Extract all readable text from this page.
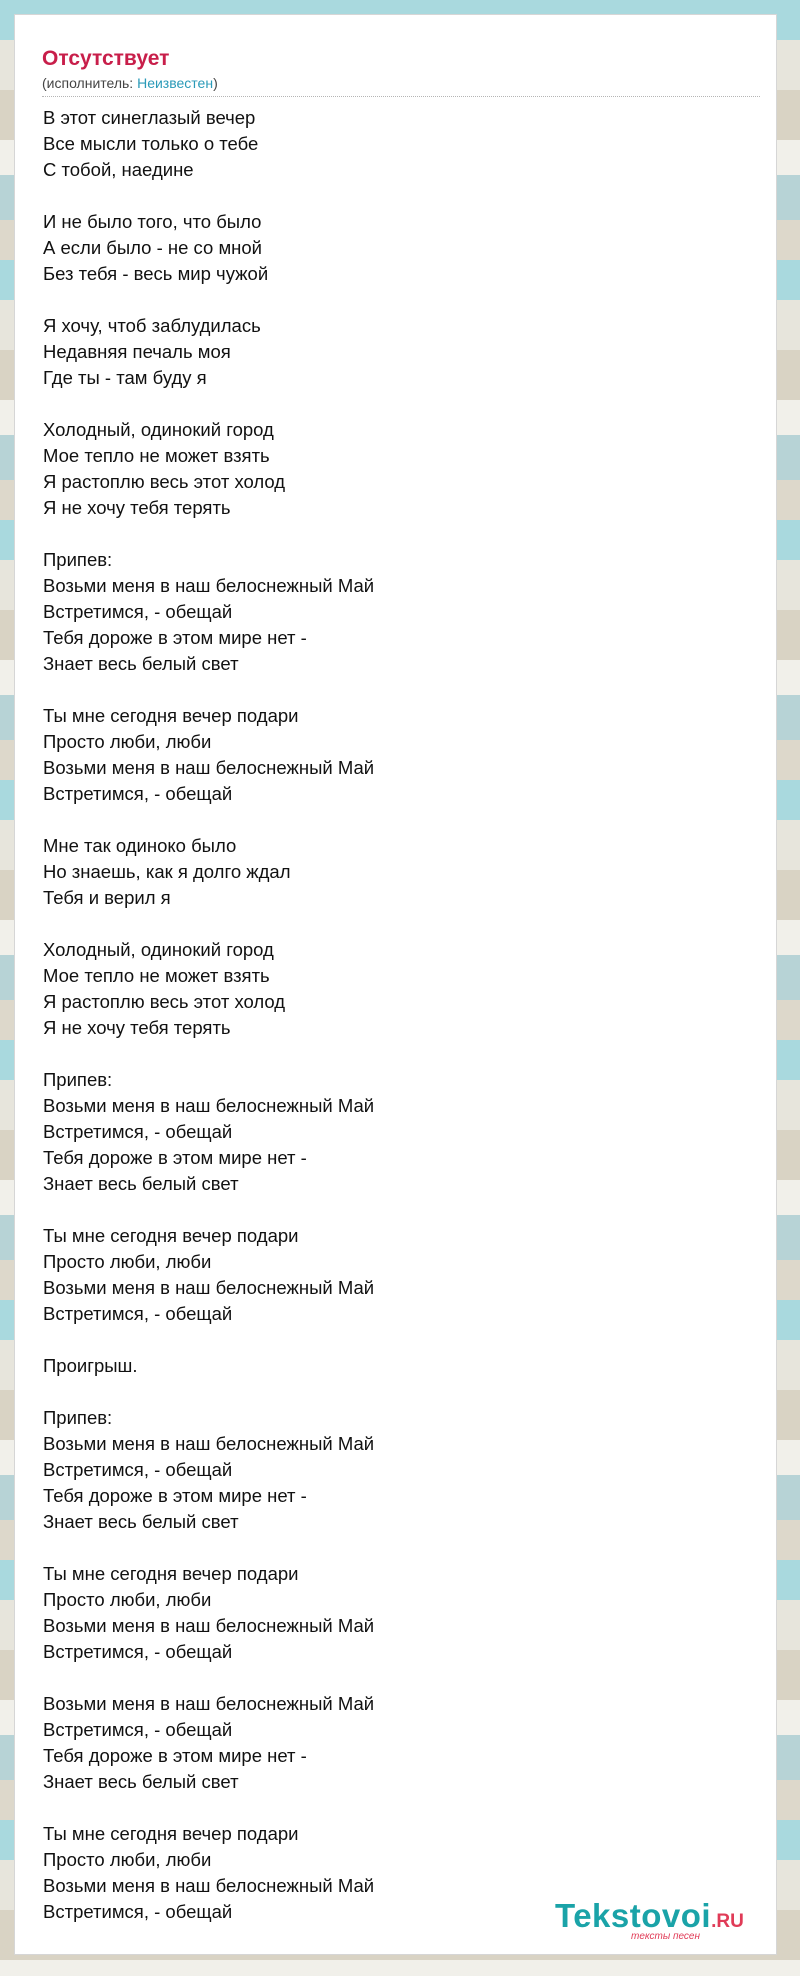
Отсутствует
(исполнитель: Неизвестен)
В этот синеглазый вечер
Все мысли только о тебе
С тобой, наедине
И не было того, что было
А если было - не со мной
Без тебя - весь мир чужой
Я хочу, чтоб заблудилась
Недавняя печаль моя
Где ты - там буду я
Холодный, одинокий город
Мое тепло не может взять
Я растоплю весь этот холод
Я не хочу тебя терять
Припев:
Возьми меня в наш белоснежный Май
Встретимся, - обещай
Тебя дороже в этом мире нет -
Знает весь белый свет
Ты мне сегодня вечер подари
Просто люби, люби
Возьми меня в наш белоснежный Май
Встретимся, - обещай
Мне так одиноко было
Но знаешь, как я долго ждал
Тебя и верил я
Холодный, одинокий город
Мое тепло не может взять
Я растоплю весь этот холод
Я не хочу тебя терять
Припев:
Возьми меня в наш белоснежный Май
Встретимся, - обещай
Тебя дороже в этом мире нет -
Знает весь белый свет
Ты мне сегодня вечер подари
Просто люби, люби
Возьми меня в наш белоснежный Май
Встретимся, - обещай
Проигрыш.
Припев:
Возьми меня в наш белоснежный Май
Встретимся, - обещай
Тебя дороже в этом мире нет -
Знает весь белый свет
Ты мне сегодня вечер подари
Просто люби, люби
Возьми меня в наш белоснежный Май
Встретимся, - обещай
Возьми меня в наш белоснежный Май
Встретимся, - обещай
Тебя дороже в этом мире нет -
Знает весь белый свет
Ты мне сегодня вечер подари
Просто люби, люби
Возьми меня в наш белоснежный Май
Встретимся, - обещай	Tekstovoi.RU
тексты песен
